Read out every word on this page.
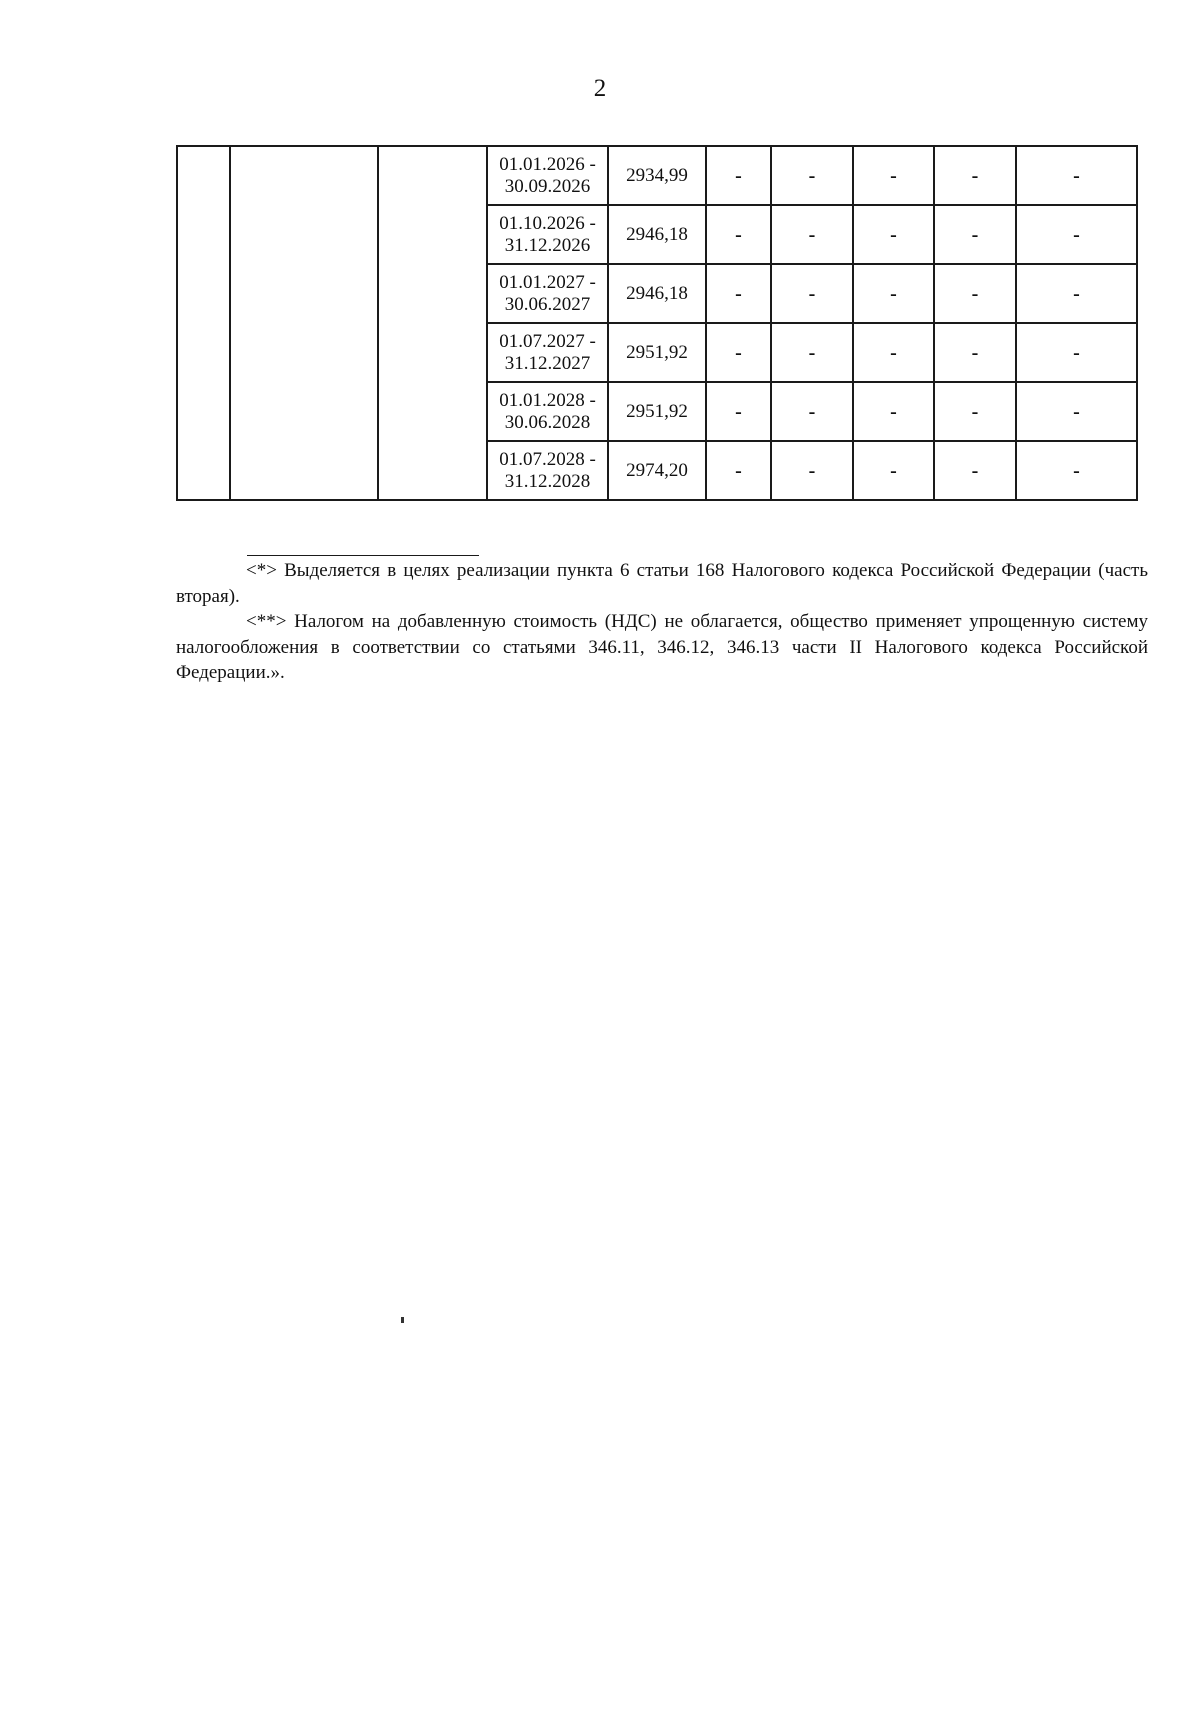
2
			01.01.2026 - 30.09.2026	2934,99	-	-	-	-	-
			01.10.2026 - 31.12.2026	2946,18	-	-	-	-	-
			01.01.2027 - 30.06.2027	2946,18	-	-	-	-	-
			01.07.2027 - 31.12.2027	2951,92	-	-	-	-	-
			01.01.2028 - 30.06.2028	2951,92	-	-	-	-	-
			01.07.2028 - 31.12.2028	2974,20	-	-	-	-	-

<*> Выделяется в целях реализации пункта 6 статьи 168 Налогового кодекса Российской Федерации (часть вторая).

<**> Налогом на добавленную стоимость (НДС) не облагается, общество применяет упрощенную систему налогообложения в соответствии со статьями 346.11, 346.12, 346.13 части II Налогового кодекса Российской Федерации.».
